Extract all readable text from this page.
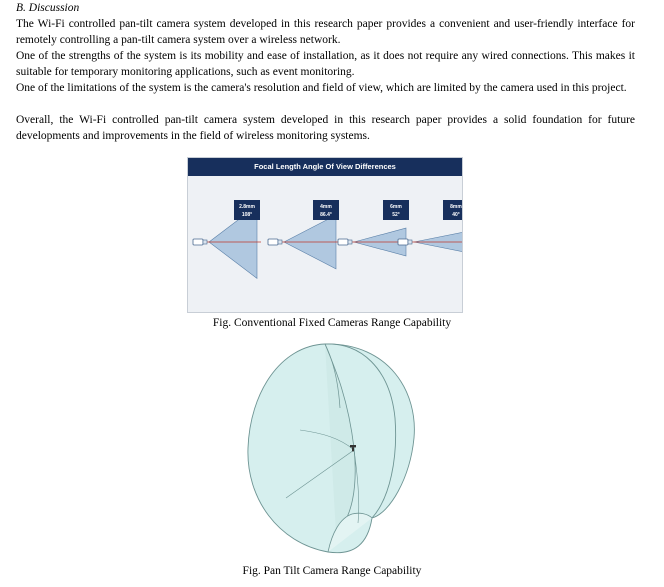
B. Discussion

The Wi-Fi controlled pan-tilt camera system developed in this research paper provides a convenient and user-friendly interface for remotely controlling a pan-tilt camera system over a wireless network.

One of the strengths of the system is its mobility and ease of installation, as it does not require any wired connections. This makes it suitable for temporary monitoring applications, such as event monitoring.

One of the limitations of the system is the camera's resolution and field of view, which are limited by the camera used in this project.

Overall, the Wi-Fi controlled pan-tilt camera system developed in this research paper provides a solid foundation for future developments and improvements in the field of wireless monitoring systems.

Focal Length Angle Of View Differences
2.8mm
108°
4mm
86.4°
6mm
52°
8mm
40°
Fig. Conventional Fixed Cameras Range Capability
Fig. Pan Tilt Camera Range Capability
